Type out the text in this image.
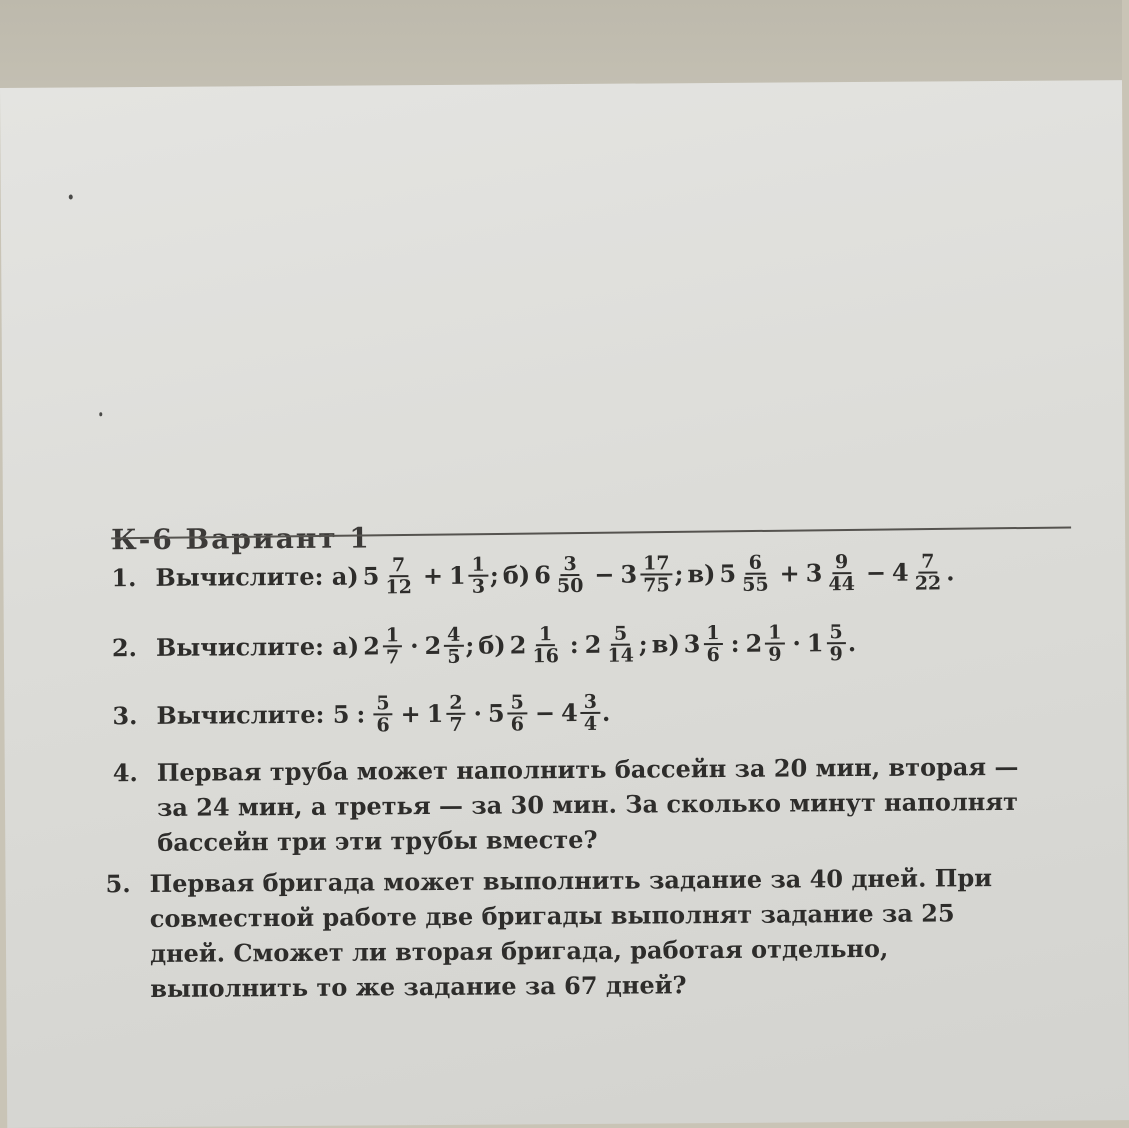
К-6 Вариант 1
1. Вычислите:
а) $5 \frac{7}{12} + 1 \frac{1}{3}$ ; б) $6 \frac{3}{50} - 3 \frac{17}{75}$ ; в) $5 \frac{6}{55} + 3 \frac{9}{44} - 4 \frac{7}{22}$ .
2. Вычислите:
а) $2 \frac{1}{7} \cdot 2 \frac{4}{5}$ ; б) $2 \frac{1}{16}$ : $2 \frac{5}{14}$ ; в) $3 \frac{1}{6}$ : $2 \frac{1}{9} \cdot 1 \frac{5}{9}$ .
3. Вычислите:
5 : $\frac{5}{6} + 1 \frac{2}{7} \cdot 5 \frac{5}{6} - 4 \frac{3}{4}$ .
4. Первая труба может наполнить бассейн за 20 мин, вторая — за 24 мин, а третья — за 30 мин. За сколько минут наполнят бассейн три эти трубы вместе?
5. Первая бригада может выполнить задание за 40 дней. При совместной работе две бригады выполнят задание за 25 дней. Сможет ли вторая бригада, работая отдельно, выполнить то же задание за 67 дней?
